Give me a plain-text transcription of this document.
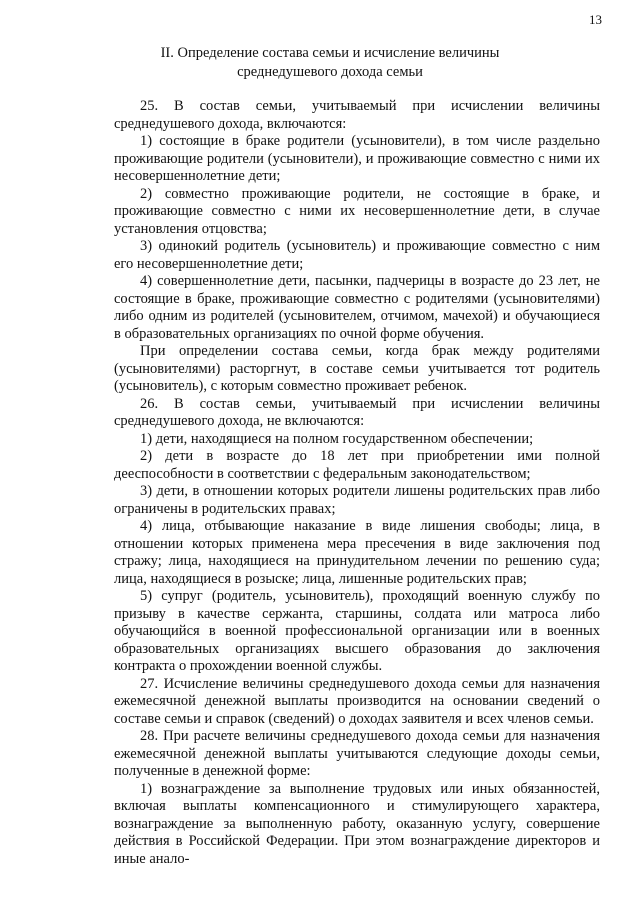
13
II. Определение состава семьи и исчисление величины
среднедушевого дохода семьи

25. В состав семьи, учитываемый при исчислении величины среднедушевого дохода, включаются:

1) состоящие в браке родители (усыновители), в том числе раздельно проживающие родители (усыновители), и проживающие совместно с ними их несовершеннолетние дети;

2) совместно проживающие родители, не состоящие в браке, и проживающие совместно с ними их несовершеннолетние дети, в случае установления отцовства;

3) одинокий родитель (усыновитель) и проживающие совместно с ним его несовершеннолетние дети;

4) совершеннолетние дети, пасынки, падчерицы в возрасте до 23 лет, не состоящие в браке, проживающие совместно с родителями (усыновителями) либо одним из родителей (усыновителем, отчимом, мачехой) и обучающиеся в образовательных организациях по очной форме обучения.

При определении состава семьи, когда брак между родителями (усыновителями) расторгнут, в составе семьи учитывается тот родитель (усыновитель), с которым совместно проживает ребенок.

26. В состав семьи, учитываемый при исчислении величины среднедушевого дохода, не включаются:

1) дети, находящиеся на полном государственном обеспечении;

2) дети в возрасте до 18 лет при приобретении ими полной дееспособности в соответствии с федеральным законодательством;

3) дети, в отношении которых родители лишены родительских прав либо ограничены в родительских правах;

4) лица, отбывающие наказание в виде лишения свободы; лица, в отношении которых применена мера пресечения в виде заключения под стражу; лица, находящиеся на принудительном лечении по решению суда; лица, находящиеся в розыске; лица, лишенные родительских прав;

5) супруг (родитель, усыновитель), проходящий военную службу по призыву в качестве сержанта, старшины, солдата или матроса либо обучающийся в военной профессиональной организации или в военных образовательных организациях высшего образования до заключения контракта о прохождении военной службы.

27. Исчисление величины среднедушевого дохода семьи для назначения ежемесячной денежной выплаты производится на основании сведений о составе семьи и справок (сведений) о доходах заявителя и всех членов семьи.

28. При расчете величины среднедушевого дохода семьи для назначения ежемесячной денежной выплаты учитываются следующие доходы семьи, полученные в денежной форме:

1) вознаграждение за выполнение трудовых или иных обязанностей, включая выплаты компенсационного и стимулирующего характера, вознаграждение за выполненную работу, оказанную услугу, совершение действия в Российской Федерации. При этом вознаграждение директоров и иные анало-
